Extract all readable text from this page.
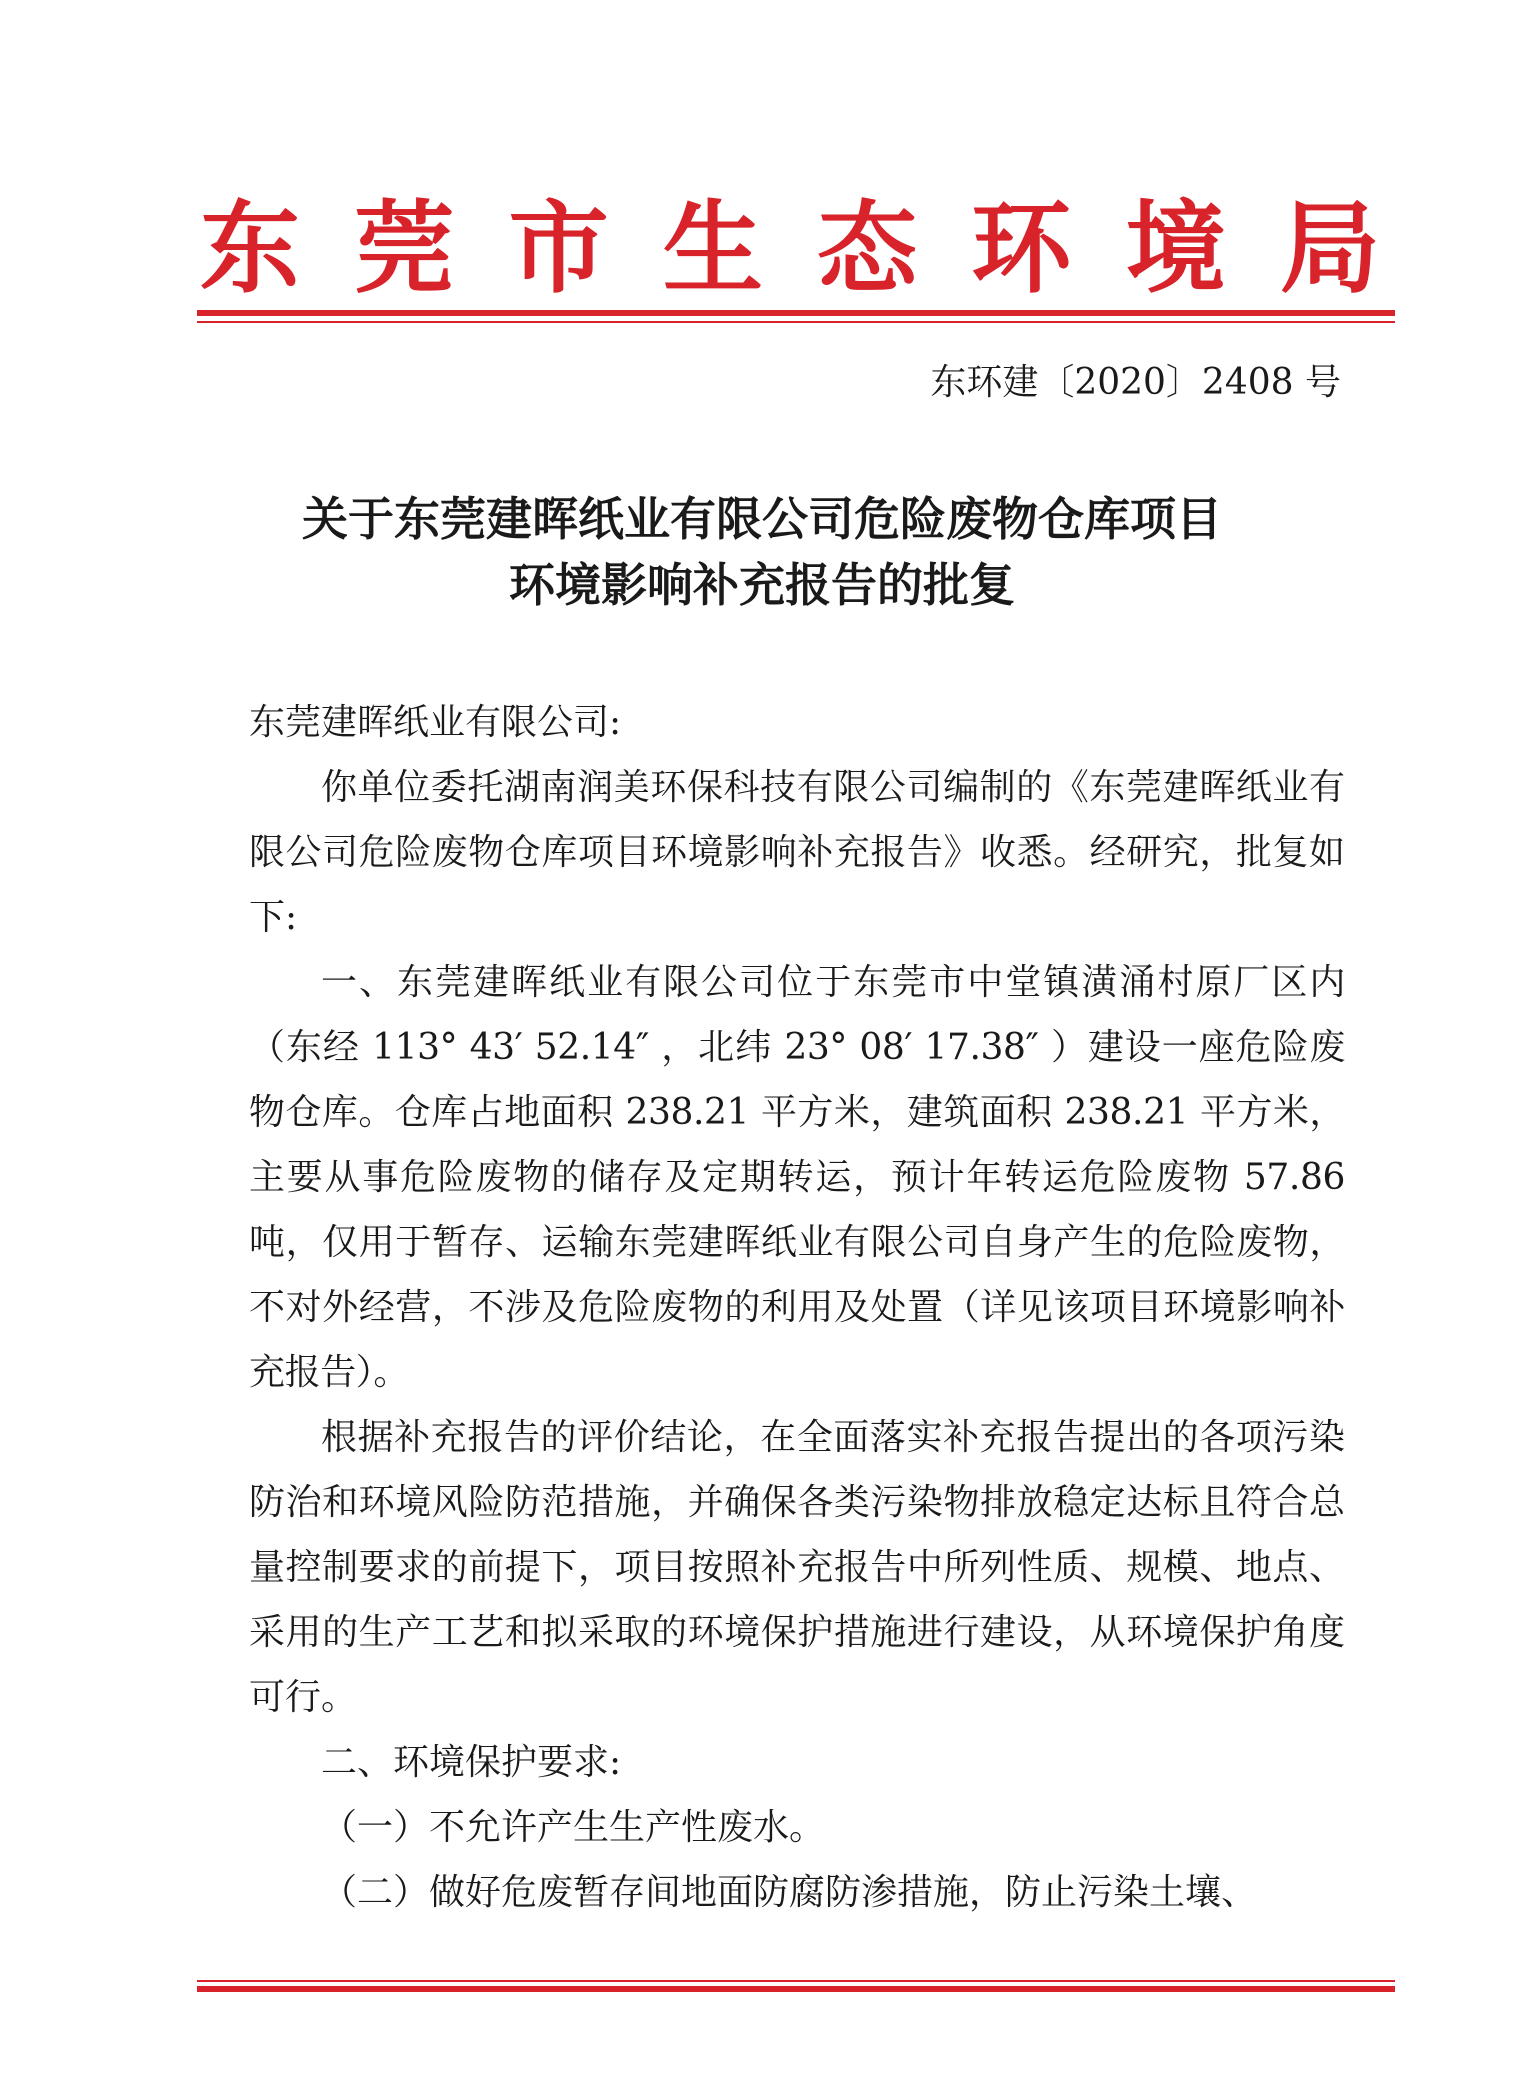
东 莞 市 生 态 环 境 局
东环建〔2020〕2408 号
关于东莞建晖纸业有限公司危险废物仓库项目
环境影响补充报告的批复

东莞建晖纸业有限公司:

你单位委托湖南润美环保科技有限公司编制的《东莞建晖纸业有限公司危险废物仓库项目环境影响补充报告》收悉。经研究，批复如下:

一、东莞建晖纸业有限公司位于东莞市中堂镇潢涌村原厂区内（东经 113° 43′ 52.14″ ，北纬 23° 08′ 17.38″ ）建设一座危险废物仓库。仓库占地面积 238.21 平方米，建筑面积 238.21 平方米，主要从事危险废物的储存及定期转运，预计年转运危险废物 57.86 吨，仅用于暂存、运输东莞建晖纸业有限公司自身产生的危险废物，不对外经营，不涉及危险废物的利用及处置（详见该项目环境影响补充报告）。

根据补充报告的评价结论，在全面落实补充报告提出的各项污染防治和环境风险防范措施，并确保各类污染物排放稳定达标且符合总量控制要求的前提下，项目按照补充报告中所列性质、规模、地点、采用的生产工艺和拟采取的环境保护措施进行建设，从环境保护角度可行。

二、环境保护要求:

（一）不允许产生生产性废水。

（二）做好危废暂存间地面防腐防渗措施，防止污染土壤、
